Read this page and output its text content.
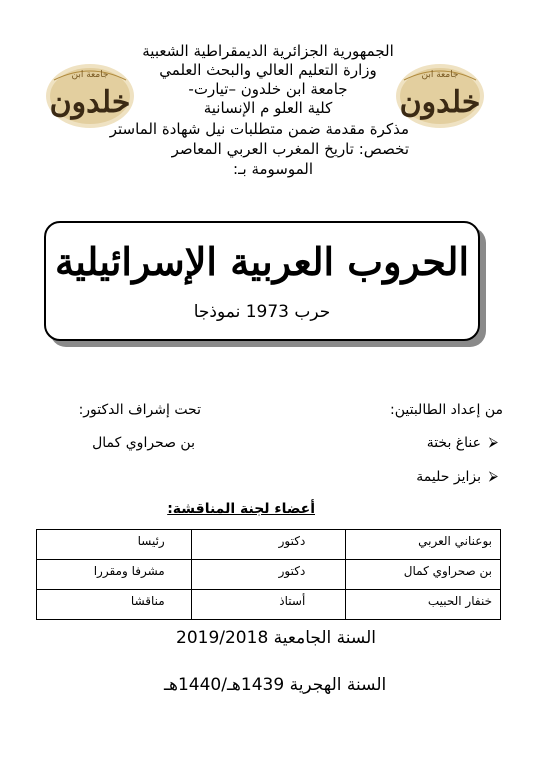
جامعة ابن
خلدون
جامعة ابن
خلدون
الجمهورية الجزائرية الديمقراطية الشعبية
وزارة التعليم العالي والبحث العلمي
جامعة ابن خلدون –تيارت-
كلية العلو م الإنسانية
مذكرة مقدمة ضمن متطلبات نيل شهادة الماستر
تخصص: تاريخ المغرب العربي المعاصر
الموسومة بـ:
الحروب العربية الإسرائيلية
حرب 1973 نموذجا
من إعداد الطالبتين:
تحت إشراف الدكتور:
بن صحراوي كمال	⮚
عناغ بختة
⮚
بزايز حليمة
أعضاء لجنة المناقشة:
بوعناني العربي	دكتور	رئيسا
بن صحراوي كمال	دكتور	مشرفا ومقررا
خنفار الحبيب	أستاذ	مناقشا
السنة الجامعية 2019/2018
السنة الهجرية 1439هـ/1440هـ
